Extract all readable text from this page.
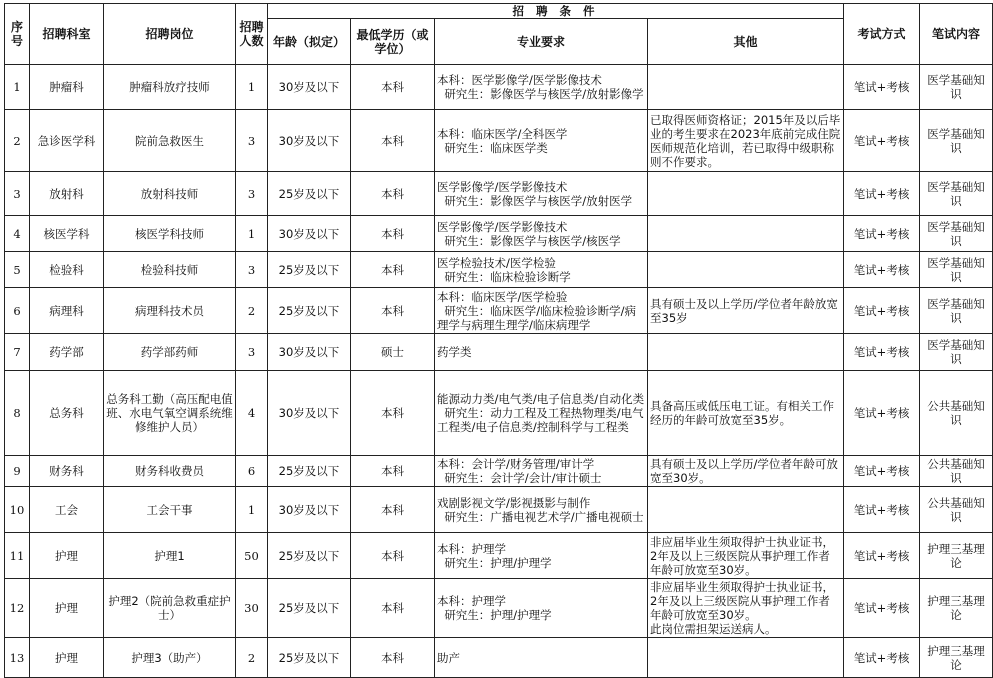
序号	招聘科室	招聘岗位	招聘人数	招 聘 条 件				考试方式	笔试内容
				年龄（拟定）	最低学历（或学位）	专业要求	其他		
1	肿瘤科	肿瘤科放疗技师	1	30岁及以下	本科	本科：医学影像学/医学影像技术
研究生：影像医学与核医学/放射影像学		笔试+考核	医学基础知识
2	急诊医学科	院前急救医生	3	30岁及以下	本科	本科：临床医学/全科医学
研究生：临床医学类	已取得医师资格证；2015年及以后毕业的考生要求在2023年底前完成住院医师规范化培训，若已取得中级职称则不作要求。	笔试+考核	医学基础知识
3	放射科	放射科技师	3	25岁及以下	本科	医学影像学/医学影像技术
研究生：影像医学与核医学/放射医学		笔试+考核	医学基础知识
4	核医学科	核医学科技师	1	30岁及以下	本科	医学影像学/医学影像技术
研究生：影像医学与核医学/核医学		笔试+考核	医学基础知识
5	检验科	检验科技师	3	25岁及以下	本科	医学检验技术/医学检验
研究生：临床检验诊断学		笔试+考核	医学基础知识
6	病理科	病理科技术员	2	25岁及以下	本科	本科：临床医学/医学检验
研究生：临床医学/临床检验诊断学/病理学与病理生理学/临床病理学	具有硕士及以上学历/学位者年龄放宽至35岁	笔试+考核	医学基础知识
7	药学部	药学部药师	3	30岁及以下	硕士	药学类		笔试+考核	医学基础知识
8	总务科	总务科工勤（高压配电值班、水电气氧空调系统维修维护人员）	4	30岁及以下	本科	能源动力类/电气类/电子信息类/自动化类
研究生：动力工程及工程热物理类/电气工程类/电子信息类/控制科学与工程类	具备高压或低压电工证。有相关工作经历的年龄可放宽至35岁。	笔试+考核	公共基础知识
9	财务科	财务科收费员	6	25岁及以下	本科	本科：会计学/财务管理/审计学
研究生：会计学/会计/审计硕士	具有硕士及以上学历/学位者年龄可放宽至30岁。	笔试+考核	公共基础知识
10	工会	工会干事	1	30岁及以下	本科	戏剧影视文学/影视摄影与制作
研究生：广播电视艺术学/广播电视硕士		笔试+考核	公共基础知识
11	护理	护理1	50	25岁及以下	本科	本科：护理学
研究生：护理/护理学	非应届毕业生须取得护士执业证书，2年及以上三级医院从事护理工作者年龄可放宽至30岁。	笔试+考核	护理三基理论
12	护理	护理2（院前急救重症护士）	30	25岁及以下	本科	本科：护理学
研究生：护理/护理学	非应届毕业生须取得护士执业证书，2年及以上三级医院从事护理工作者年龄可放宽至30岁。
此岗位需担架运送病人。	笔试+考核	护理三基理论
13	护理	护理3（助产）	2	25岁及以下	本科	助产		笔试+考核	护理三基理论
